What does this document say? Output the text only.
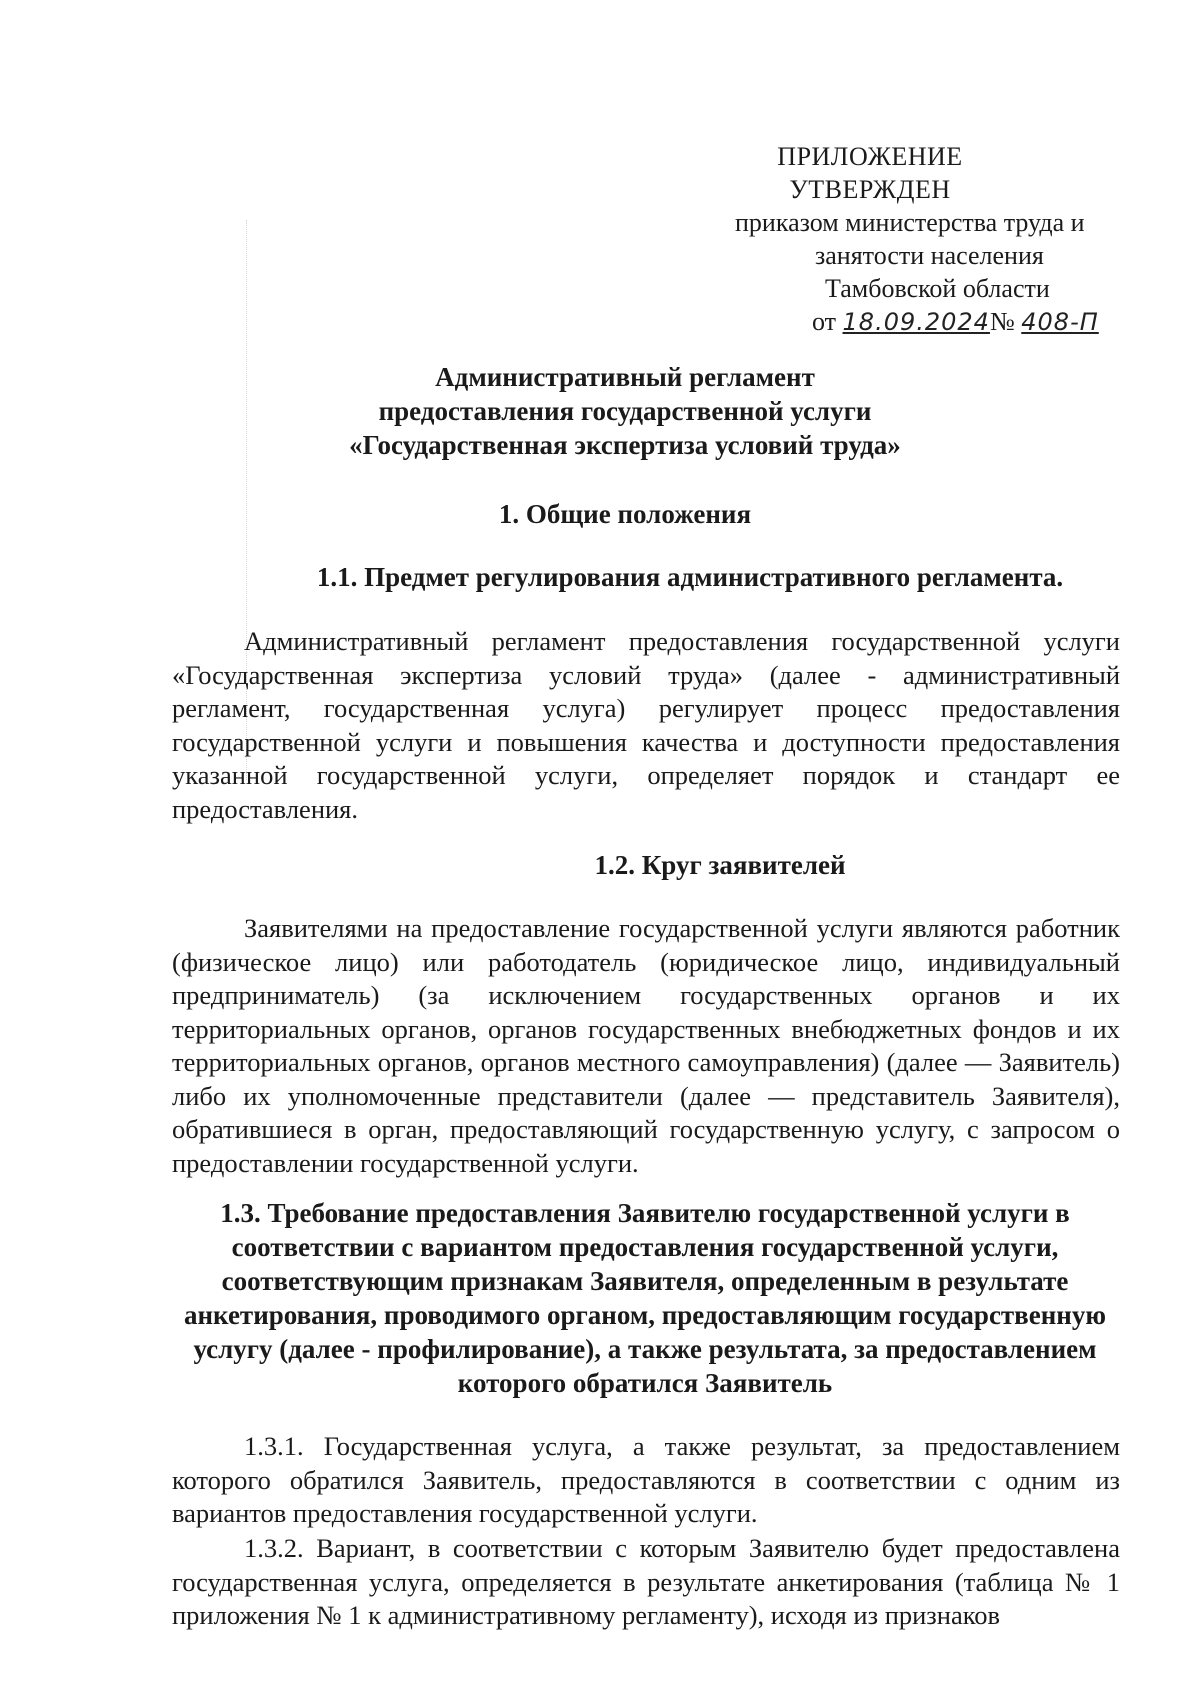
ПРИЛОЖЕНИЕ
УТВЕРЖДЕН
приказом министерства труда и
занятости населения
Тамбовской области
от 18.09.2024№ 408-П
Административный регламент
предоставления государственной услуги
«Государственная экспертиза условий труда»
1. Общие положения
1.1. Предмет регулирования административного регламента.
Административный регламент предоставления государственной услуги «Государственная экспертиза условий труда» (далее - административный регламент, государственная услуга) регулирует процесс предоставления государственной услуги и повышения качества и доступности предоставления указанной государственной услуги, определяет порядок и стандарт ее предоставления.
1.2. Круг заявителей
Заявителями на предоставление государственной услуги являются работник (физическое лицо) или работодатель (юридическое лицо, индивидуальный предприниматель) (за исключением государственных органов и их территориальных органов, органов государственных внебюджетных фондов и их территориальных органов, органов местного самоуправления) (далее — Заявитель) либо их уполномоченные представители (далее — представитель Заявителя), обратившиеся в орган, предоставляющий государственную услугу, с запросом о предоставлении государственной услуги.
1.3. Требование предоставления Заявителю государственной услуги в соответствии с вариантом предоставления государственной услуги, соответствующим признакам Заявителя, определенным в результате анкетирования, проводимого органом, предоставляющим государственную услугу (далее - профилирование), а также результата, за предоставлением которого обратился Заявитель
1.3.1. Государственная услуга, а также результат, за предоставлением которого обратился Заявитель, предоставляются в соответствии с одним из вариантов предоставления государственной услуги.
1.3.2. Вариант, в соответствии с которым Заявителю будет предоставлена государственная услуга, определяется в результате анкетирования (таблица № 1 приложения № 1 к административному регламенту), исходя из признаков
